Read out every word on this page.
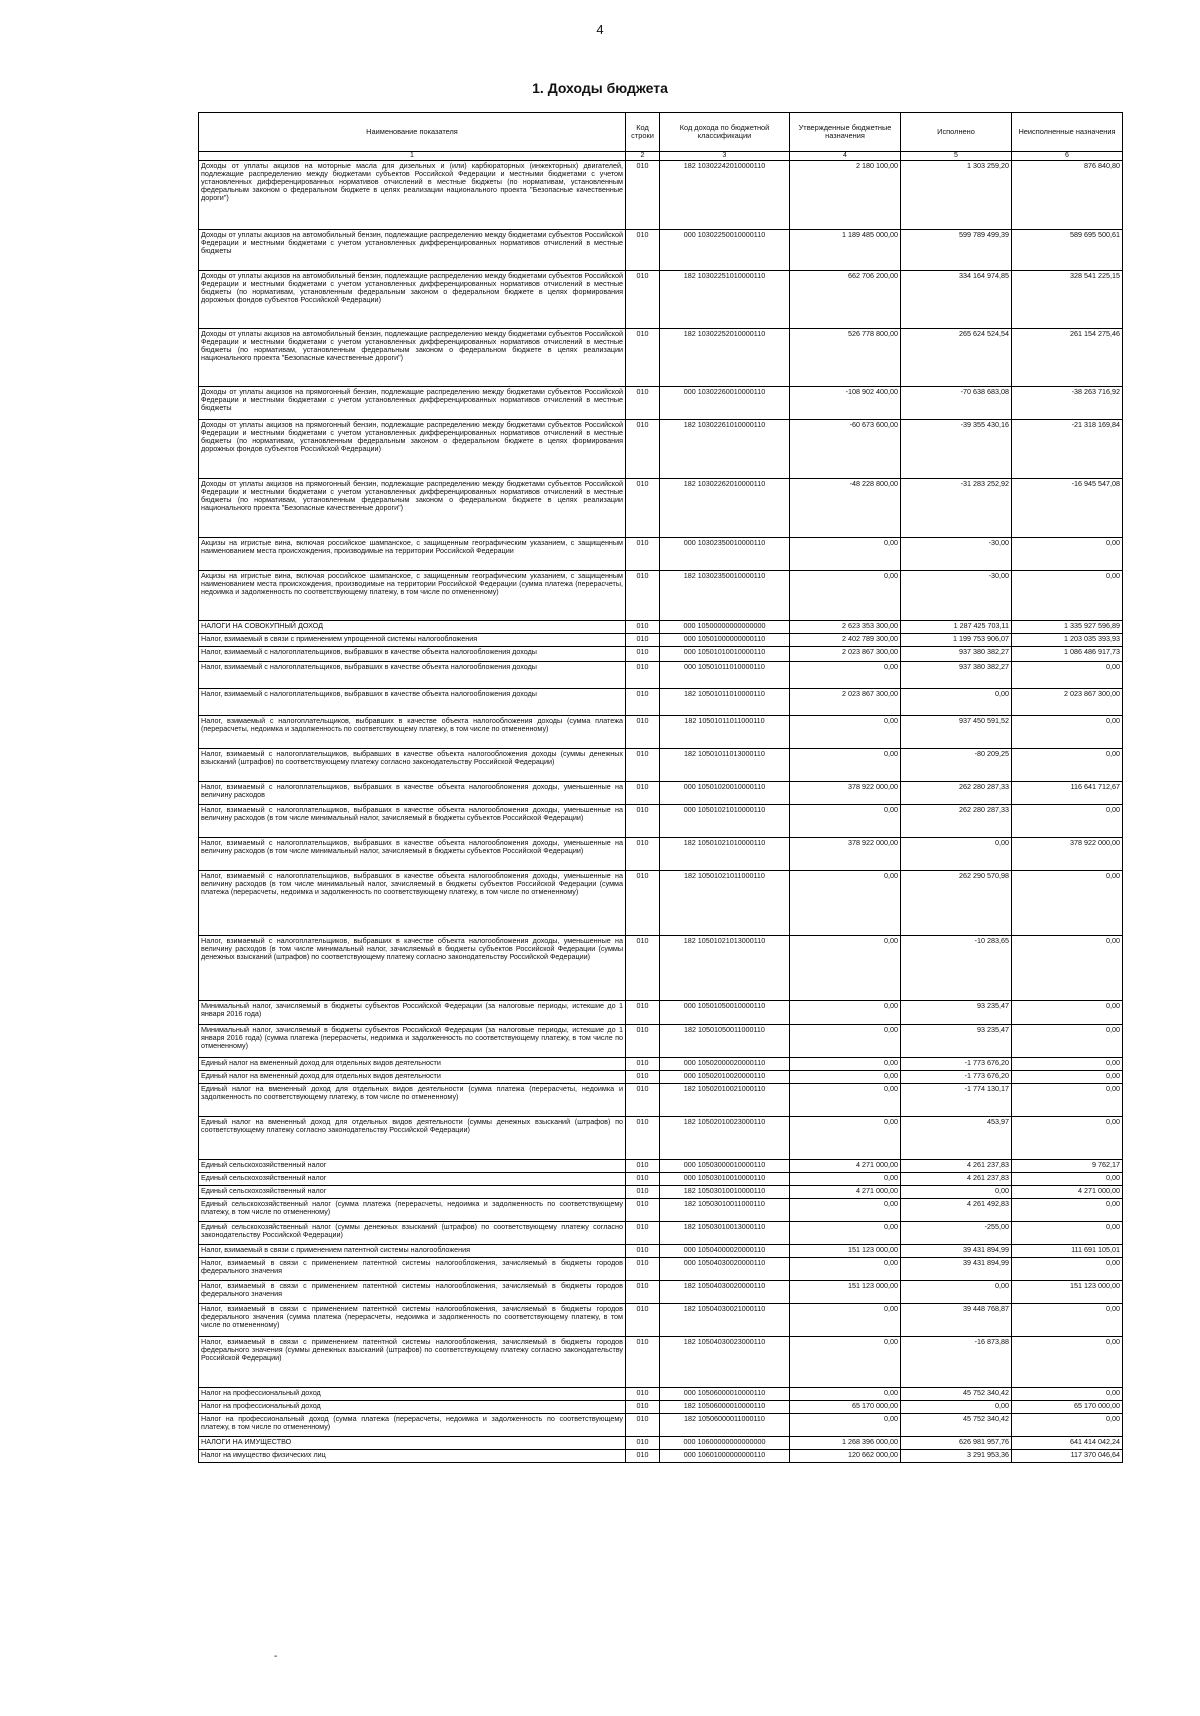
4
1. Доходы бюджета
Наименование показателя	Код строки	Код дохода по бюджетной классификации	Утвержденные бюджетные назначения	Исполнено	Неисполненные назначения
1	2	3	4	5	6
Доходы от уплаты акцизов на моторные масла для дизельных и (или) карбюраторных (инжекторных) двигателей, подлежащие распределению между бюджетами субъектов Российской Федерации и местными бюджетами с учетом установленных дифференцированных нормативов отчислений в местные бюджеты (по нормативам, установленным федеральным законом о федеральном бюджете в целях реализации национального проекта "Безопасные качественные дороги")	010	182 10302242010000110	2 180 100,00	1 303 259,20	876 840,80
Доходы от уплаты акцизов на автомобильный бензин, подлежащие распределению между бюджетами субъектов Российской Федерации и местными бюджетами с учетом установленных дифференцированных нормативов отчислений в местные бюджеты	010	000 10302250010000110	1 189 485 000,00	599 789 499,39	589 695 500,61
Доходы от уплаты акцизов на автомобильный бензин, подлежащие распределению между бюджетами субъектов Российской Федерации и местными бюджетами с учетом установленных дифференцированных нормативов отчислений в местные бюджеты (по нормативам, установленным федеральным законом о федеральном бюджете в целях формирования дорожных фондов субъектов Российской Федерации)	010	182 10302251010000110	662 706 200,00	334 164 974,85	328 541 225,15
Доходы от уплаты акцизов на автомобильный бензин, подлежащие распределению между бюджетами субъектов Российской Федерации и местными бюджетами с учетом установленных дифференцированных нормативов отчислений в местные бюджеты (по нормативам, установленным федеральным законом о федеральном бюджете в целях реализации национального проекта "Безопасные качественные дороги")	010	182 10302252010000110	526 778 800,00	265 624 524,54	261 154 275,46
Доходы от уплаты акцизов на прямогонный бензин, подлежащие распределению между бюджетами субъектов Российской Федерации и местными бюджетами с учетом установленных дифференцированных нормативов отчислений в местные бюджеты	010	000 10302260010000110	-108 902 400,00	-70 638 683,08	-38 263 716,92
Доходы от уплаты акцизов на прямогонный бензин, подлежащие распределению между бюджетами субъектов Российской Федерации и местными бюджетами с учетом установленных дифференцированных нормативов отчислений в местные бюджеты (по нормативам, установленным федеральным законом о федеральном бюджете в целях формирования дорожных фондов субъектов Российской Федерации)	010	182 10302261010000110	-60 673 600,00	-39 355 430,16	-21 318 169,84
Доходы от уплаты акцизов на прямогонный бензин, подлежащие распределению между бюджетами субъектов Российской Федерации и местными бюджетами с учетом установленных дифференцированных нормативов отчислений в местные бюджеты (по нормативам, установленным федеральным законом о федеральном бюджете в целях реализации национального проекта "Безопасные качественные дороги")	010	182 10302262010000110	-48 228 800,00	-31 283 252,92	-16 945 547,08
Акцизы на игристые вина, включая российское шампанское, с защищенным географическим указанием, с защищенным наименованием места происхождения, производимые на территории Российской Федерации	010	000 10302350010000110	0,00	-30,00	0,00
Акцизы на игристые вина, включая российское шампанское, с защищенным географическим указанием, с защищенным наименованием места происхождения, производимые на территории Российской Федерации (сумма платежа (перерасчеты, недоимка и задолженность по соответствующему платежу, в том числе по отмененному)	010	182 10302350010000110	0,00	-30,00	0,00
НАЛОГИ НА СОВОКУПНЫЙ ДОХОД	010	000 10500000000000000	2 623 353 300,00	1 287 425 703,11	1 335 927 596,89
Налог, взимаемый в связи с применением упрощенной системы налогообложения	010	000 10501000000000110	2 402 789 300,00	1 199 753 906,07	1 203 035 393,93
Налог, взимаемый с налогоплательщиков, выбравших в качестве объекта налогообложения доходы	010	000 10501010010000110	2 023 867 300,00	937 380 382,27	1 086 486 917,73
Налог, взимаемый с налогоплательщиков, выбравших в качестве объекта налогообложения доходы	010	000 10501011010000110	0,00	937 380 382,27	0,00
Налог, взимаемый с налогоплательщиков, выбравших в качестве объекта налогообложения доходы	010	182 10501011010000110	2 023 867 300,00	0,00	2 023 867 300,00
Налог, взимаемый с налогоплательщиков, выбравших в качестве объекта налогообложения доходы (сумма платежа (перерасчеты, недоимка и задолженность по соответствующему платежу, в том числе по отмененному)	010	182 10501011011000110	0,00	937 450 591,52	0,00
Налог, взимаемый с налогоплательщиков, выбравших в качестве объекта налогообложения доходы (суммы денежных взысканий (штрафов) по соответствующему платежу согласно законодательству Российской Федерации)	010	182 10501011013000110	0,00	-80 209,25	0,00
Налог, взимаемый с налогоплательщиков, выбравших в качестве объекта налогообложения доходы, уменьшенные на величину расходов	010	000 10501020010000110	378 922 000,00	262 280 287,33	116 641 712,67
Налог, взимаемый с налогоплательщиков, выбравших в качестве объекта налогообложения доходы, уменьшенные на величину расходов (в том числе минимальный налог, зачисляемый в бюджеты субъектов Российской Федерации)	010	000 10501021010000110	0,00	262 280 287,33	0,00
Налог, взимаемый с налогоплательщиков, выбравших в качестве объекта налогообложения доходы, уменьшенные на величину расходов (в том числе минимальный налог, зачисляемый в бюджеты субъектов Российской Федерации)	010	182 10501021010000110	378 922 000,00	0,00	378 922 000,00
Налог, взимаемый с налогоплательщиков, выбравших в качестве объекта налогообложения доходы, уменьшенные на величину расходов (в том числе минимальный налог, зачисляемый в бюджеты субъектов Российской Федерации (сумма платежа (перерасчеты, недоимка и задолженность по соответствующему платежу, в том числе по отмененному)	010	182 10501021011000110	0,00	262 290 570,98	0,00
Налог, взимаемый с налогоплательщиков, выбравших в качестве объекта налогообложения доходы, уменьшенные на величину расходов (в том числе минимальный налог, зачисляемый в бюджеты субъектов Российской Федерации (суммы денежных взысканий (штрафов) по соответствующему платежу согласно законодательству Российской Федерации)	010	182 10501021013000110	0,00	-10 283,65	0,00
Минимальный налог, зачисляемый в бюджеты субъектов Российской Федерации (за налоговые периоды, истекшие до 1 января 2016 года)	010	000 10501050010000110	0,00	93 235,47	0,00
Минимальный налог, зачисляемый в бюджеты субъектов Российской Федерации (за налоговые периоды, истекшие до 1 января 2016 года) (сумма платежа (перерасчеты, недоимка и задолженность по соответствующему платежу, в том числе по отмененному)	010	182 10501050011000110	0,00	93 235,47	0,00
Единый налог на вмененный доход для отдельных видов деятельности	010	000 10502000020000110	0,00	-1 773 676,20	0,00
Единый налог на вмененный доход для отдельных видов деятельности	010	000 10502010020000110	0,00	-1 773 676,20	0,00
Единый налог на вмененный доход для отдельных видов деятельности (сумма платежа (перерасчеты, недоимка и задолженность по соответствующему платежу, в том числе по отмененному)	010	182 10502010021000110	0,00	-1 774 130,17	0,00
Единый налог на вмененный доход для отдельных видов деятельности (суммы денежных взысканий (штрафов) по соответствующему платежу согласно законодательству Российской Федерации)	010	182 10502010023000110	0,00	453,97	0,00
Единый сельскохозяйственный налог	010	000 10503000010000110	4 271 000,00	4 261 237,83	9 762,17
Единый сельскохозяйственный налог	010	000 10503010010000110	0,00	4 261 237,83	0,00
Единый сельскохозяйственный налог	010	182 10503010010000110	4 271 000,00	0,00	4 271 000,00
Единый сельскохозяйственный налог (сумма платежа (перерасчеты, недоимка и задолженность по соответствующему платежу, в том числе по отмененному)	010	182 10503010011000110	0,00	4 261 492,83	0,00
Единый сельскохозяйственный налог (суммы денежных взысканий (штрафов) по соответствующему платежу согласно законодательству Российской Федерации)	010	182 10503010013000110	0,00	-255,00	0,00
Налог, взимаемый в связи с применением патентной системы налогообложения	010	000 10504000020000110	151 123 000,00	39 431 894,99	111 691 105,01
Налог, взимаемый в связи с применением патентной системы налогообложения, зачисляемый в бюджеты городов федерального значения	010	000 10504030020000110	0,00	39 431 894,99	0,00
Налог, взимаемый в связи с применением патентной системы налогообложения, зачисляемый в бюджеты городов федерального значения	010	182 10504030020000110	151 123 000,00	0,00	151 123 000,00
Налог, взимаемый в связи с применением патентной системы налогообложения, зачисляемый в бюджеты городов федерального значения (сумма платежа (перерасчеты, недоимка и задолженность по соответствующему платежу, в том числе по отмененному)	010	182 10504030021000110	0,00	39 448 768,87	0,00
Налог, взимаемый в связи с применением патентной системы налогообложения, зачисляемый в бюджеты городов федерального значения (суммы денежных взысканий (штрафов) по соответствующему платежу согласно законодательству Российской Федерации)	010	182 10504030023000110	0,00	-16 873,88	0,00
Налог на профессиональный доход	010	000 10506000010000110	0,00	45 752 340,42	0,00
Налог на профессиональный доход	010	182 10506000010000110	65 170 000,00	0,00	65 170 000,00
Налог на профессиональный доход (сумма платежа (перерасчеты, недоимка и задолженность по соответствующему платежу, в том числе по отмененному)	010	182 10506000011000110	0,00	45 752 340,42	0,00
НАЛОГИ НА ИМУЩЕСТВО	010	000 10600000000000000	1 268 396 000,00	626 981 957,76	641 414 042,24
Налог на имущество физических лиц	010	000 10601000000000110	120 662 000,00	3 291 953,36	117 370 046,64
-
